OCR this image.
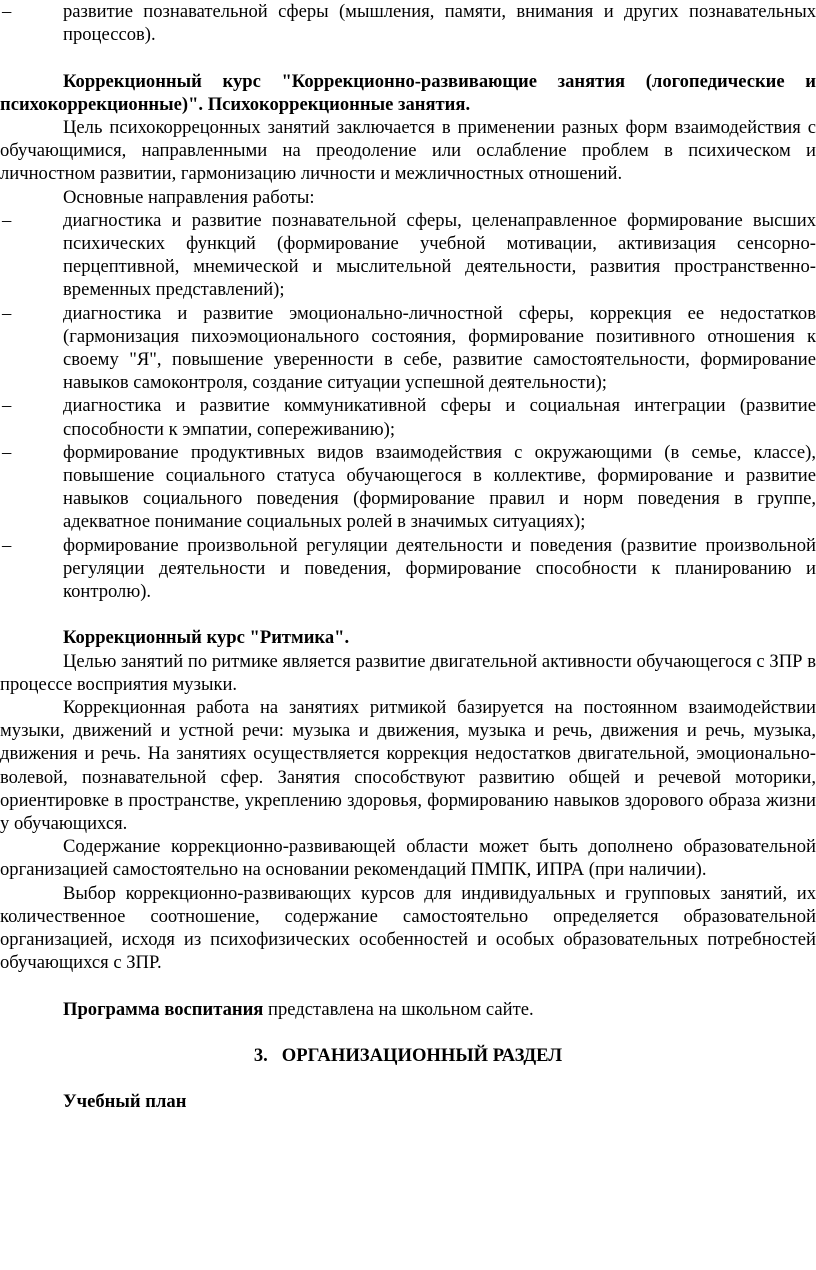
–	развитие познавательной сферы (мышления, памяти, внимания и других познавательных процессов).

Коррекционный курс "Коррекционно-развивающие занятия (логопедические и психокоррекционные)". Психокоррекционные занятия.

Цель психокоррецонных занятий заключается в применении разных форм взаимодействия с обучающимися, направленными на преодоление или ослабление проблем в психическом и личностном развитии, гармонизацию личности и межличностных отношений.

Основные направления работы:

–	диагностика и развитие познавательной сферы, целенаправленное формирование высших психических функций (формирование учебной мотивации, активизация сенсорно-перцептивной, мнемической и мыслительной деятельности, развития пространственно-временных представлений);
–	диагностика и развитие эмоционально-личностной сферы, коррекция ее недостатков (гармонизация пихоэмоционального состояния, формирование позитивного отношения к своему "Я", повышение уверенности в себе, развитие самостоятельности, формирование навыков самоконтроля, создание ситуации успешной деятельности);
–	диагностика и развитие коммуникативной сферы и социальная интеграции (развитие способности к эмпатии, сопереживанию);
–	формирование продуктивных видов взаимодействия с окружающими (в семье, классе), повышение социального статуса обучающегося в коллективе, формирование и развитие навыков социального поведения (формирование правил и норм поведения в группе, адекватное понимание социальных ролей в значимых ситуациях);
–	формирование произвольной регуляции деятельности и поведения (развитие произвольной регуляции деятельности и поведения, формирование способности к планированию и контролю).

Коррекционный курс "Ритмика".

Целью занятий по ритмике является развитие двигательной активности обучающегося с ЗПР в процессе восприятия музыки.

Коррекционная работа на занятиях ритмикой базируется на постоянном взаимодействии музыки, движений и устной речи: музыка и движения, музыка и речь, движения и речь, музыка, движения и речь. На занятиях осуществляется коррекция недостатков двигательной, эмоционально-волевой, познавательной сфер. Занятия способствуют развитию общей и речевой моторики, ориентировке в пространстве, укреплению здоровья, формированию навыков здорового образа жизни у обучающихся.

Содержание коррекционно-развивающей области может быть дополнено образовательной организацией самостоятельно на основании рекомендаций ПМПК, ИПРА (при наличии).

Выбор коррекционно-развивающих курсов для индивидуальных и групповых занятий, их количественное соотношение, содержание самостоятельно определяется образовательной организацией, исходя из психофизических особенностей и особых образовательных потребностей обучающихся с ЗПР.

Программа воспитания представлена на школьном сайте.

3. ОРГАНИЗАЦИОННЫЙ РАЗДЕЛ

Учебный план
